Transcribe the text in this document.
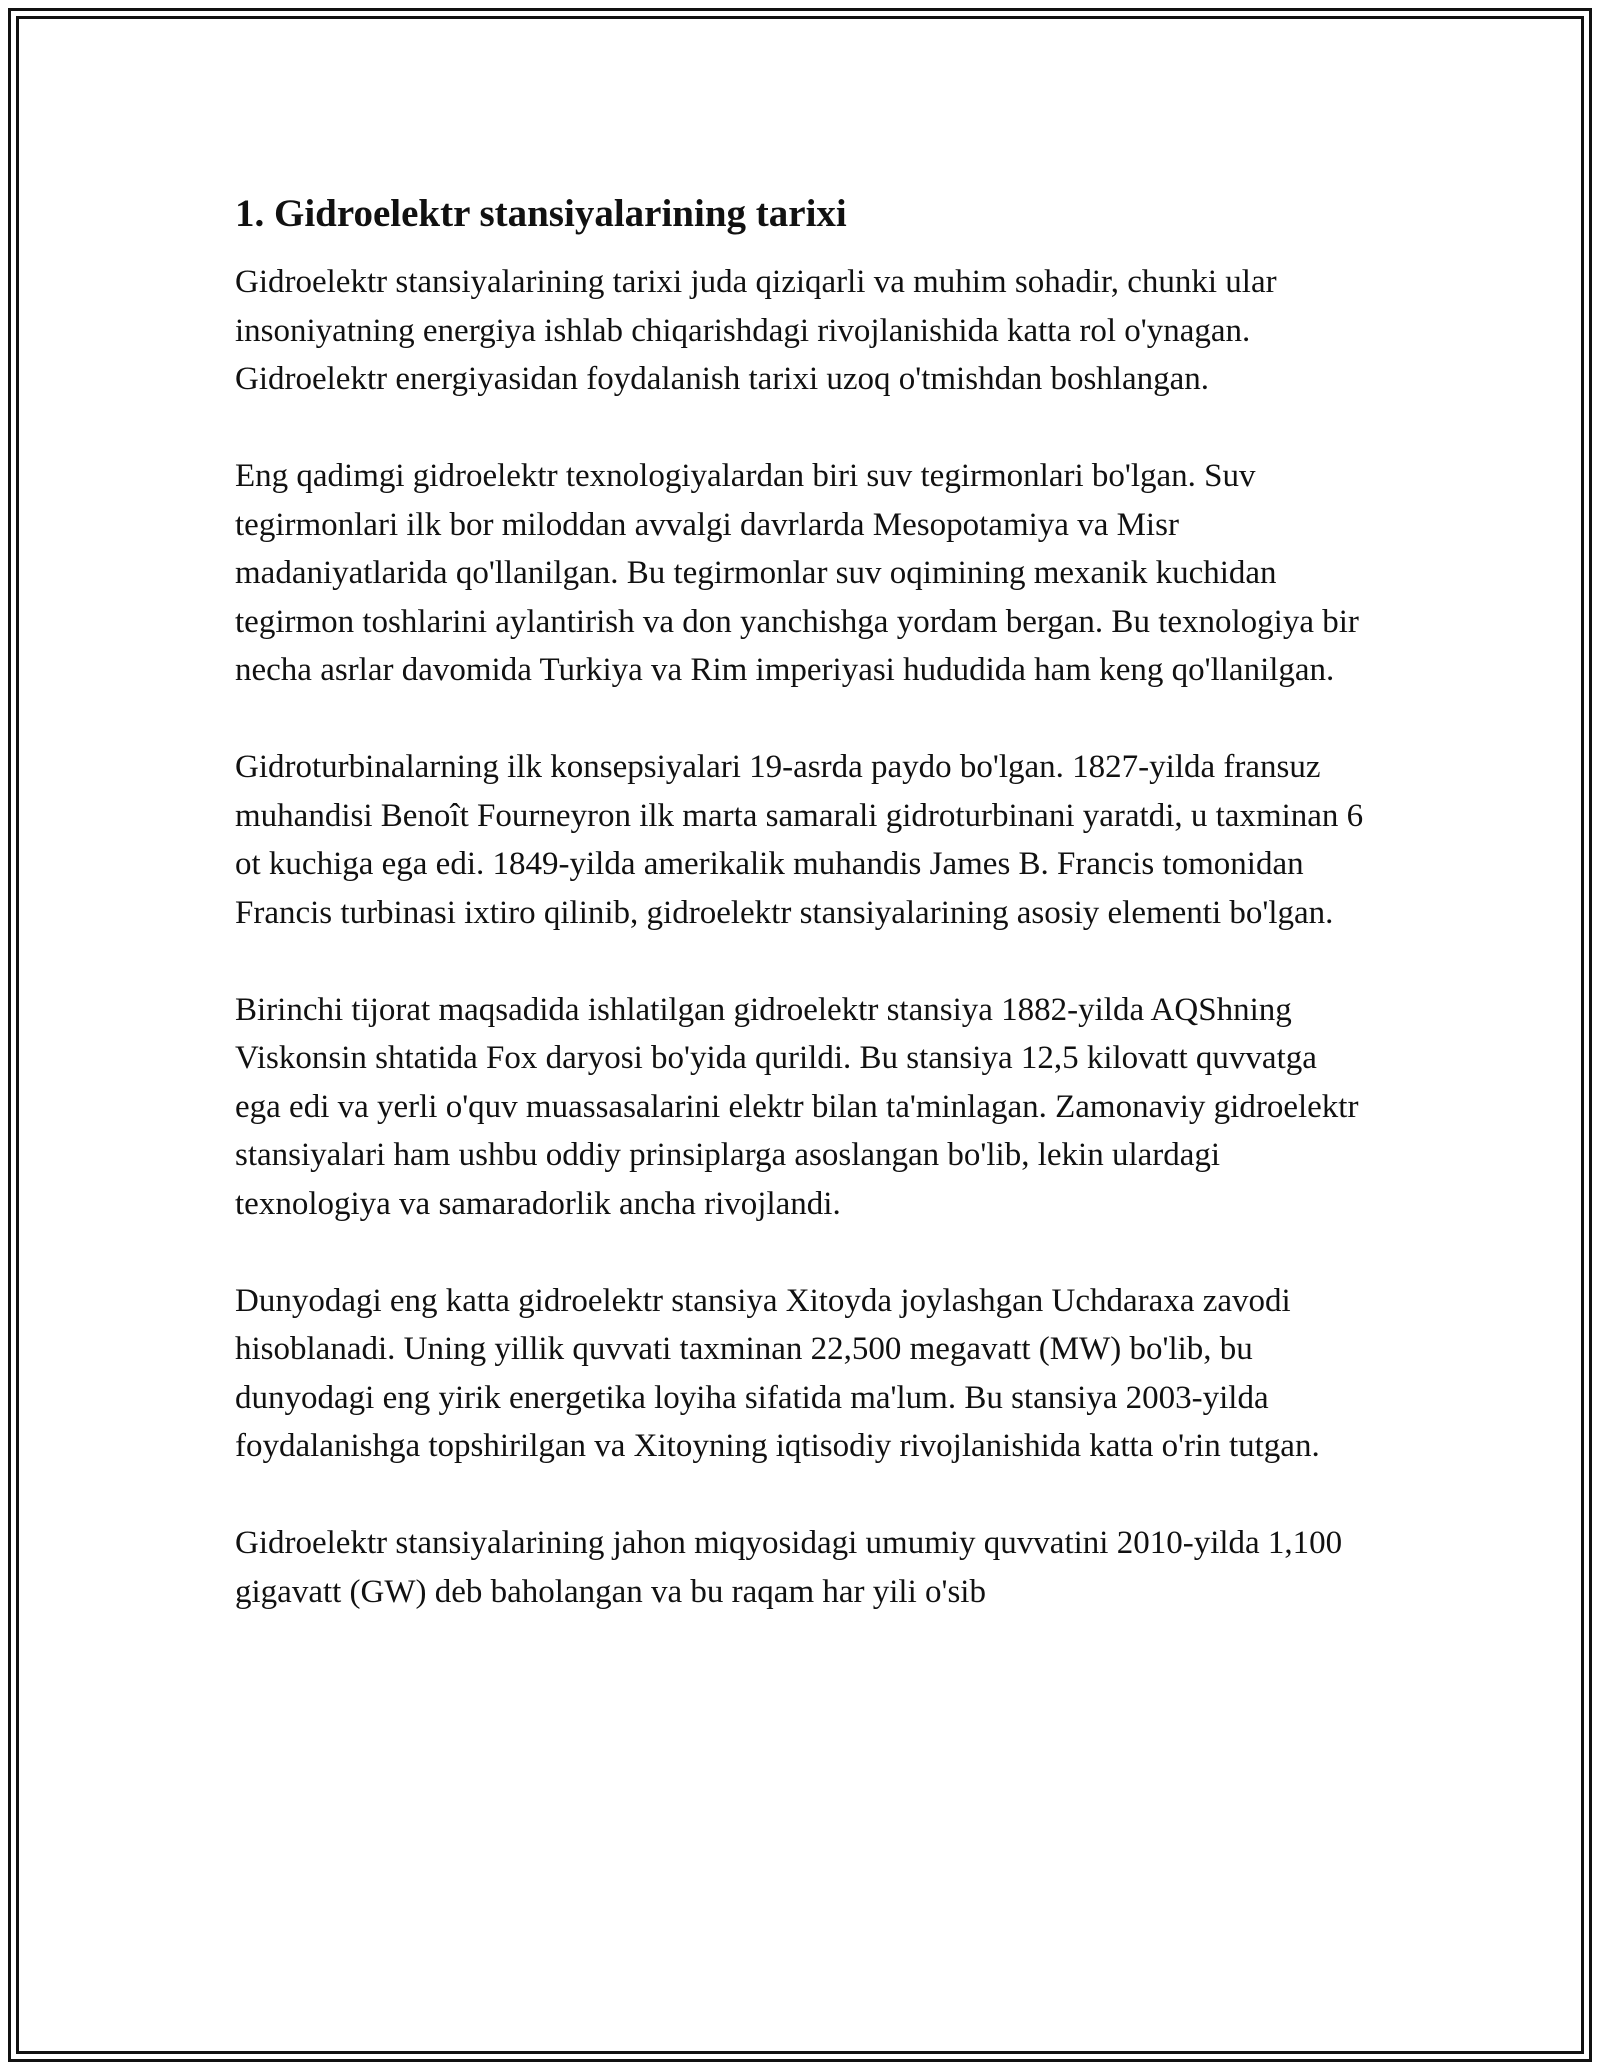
1. Gidroelektr stansiyalarining tarixi

Gidroelektr stansiyalarining tarixi juda qiziqarli va muhim sohadir, chunki ular insoniyatning energiya ishlab chiqarishdagi rivojlanishida katta rol o'ynagan. Gidroelektr energiyasidan foydalanish tarixi uzoq o'tmishdan boshlangan.

Eng qadimgi gidroelektr texnologiyalardan biri suv tegirmonlari bo'lgan. Suv tegirmonlari ilk bor miloddan avvalgi davrlarda Mesopotamiya va Misr madaniyatlarida qo'llanilgan. Bu tegirmonlar suv oqimining mexanik kuchidan tegirmon toshlarini aylantirish va don yanchishga yordam bergan. Bu texnologiya bir necha asrlar davomida Turkiya va Rim imperiyasi hududida ham keng qo'llanilgan.

Gidroturbinalarning ilk konsepsiyalari 19-asrda paydo bo'lgan. 1827-yilda fransuz muhandisi Benoît Fourneyron ilk marta samarali gidroturbinani yaratdi, u taxminan 6 ot kuchiga ega edi. 1849-yilda amerikalik muhandis James B. Francis tomonidan Francis turbinasi ixtiro qilinib, gidroelektr stansiyalarining asosiy elementi bo'lgan.

Birinchi tijorat maqsadida ishlatilgan gidroelektr stansiya 1882-yilda AQShning Viskonsin shtatida Fox daryosi bo'yida qurildi. Bu stansiya 12,5 kilovatt quvvatga ega edi va yerli o'quv muassasalarini elektr bilan ta'minlagan. Zamonaviy gidroelektr stansiyalari ham ushbu oddiy prinsiplarga asoslangan bo'lib, lekin ulardagi texnologiya va samaradorlik ancha rivojlandi.

Dunyodagi eng katta gidroelektr stansiya Xitoyda joylashgan Uchdaraxa zavodi hisoblanadi. Uning yillik quvvati taxminan 22,500 megavatt (MW) bo'lib, bu dunyodagi eng yirik energetika loyiha sifatida ma'lum. Bu stansiya 2003-yilda foydalanishga topshirilgan va Xitoyning iqtisodiy rivojlanishida katta o'rin tutgan.

Gidroelektr stansiyalarining jahon miqyosidagi umumiy quvvatini 2010-yilda 1,100 gigavatt (GW) deb baholangan va bu raqam har yili o'sib
